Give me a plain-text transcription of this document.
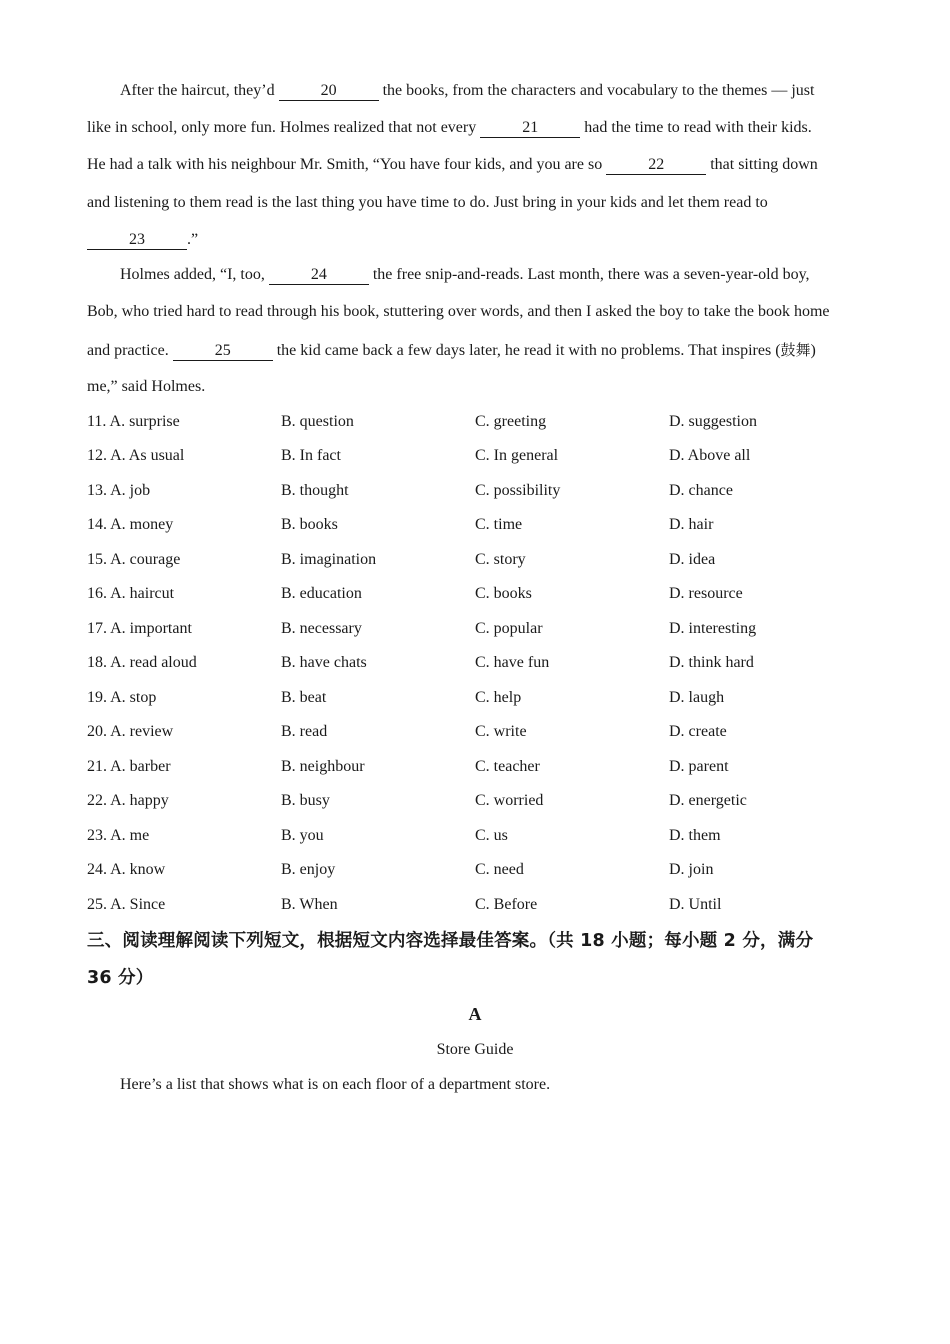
After the haircut, they’d	20	the books, from the characters and vocabulary to the themes — just
like in school, only more fun. Holmes realized that not every	21	had the time to read with their kids.
He had a talk with his neighbour Mr. Smith, “You have four kids, and you are so	22	that sitting down
and listening to them read is the last thing you have time to do. Just bring in your kids and let them read to
23	.”
Holmes added, “I, too,	24	the free snip-and-reads. Last month, there was a seven-year-old boy,
Bob, who tried hard to read through his book, stuttering over words, and then I asked the boy to take the book home
and practice.	25	the kid came back a few days later, he read it with no problems. That inspires (鼓舞)
me,” said Holmes.
11. A. surprise	B. question	C. greeting	D. suggestion
12. A. As usual	B. In fact	C. In general	D. Above all
13. A. job	B. thought	C. possibility	D. chance
14. A. money	B. books	C. time	D. hair
15. A. courage	B. imagination	C. story	D. idea
16. A. haircut	B. education	C. books	D. resource
17. A. important	B. necessary	C. popular	D. interesting
18. A. read aloud	B. have chats	C. have fun	D. think hard
19. A. stop	B. beat	C. help	D. laugh
20. A. review	B. read	C. write	D. create
21. A. barber	B. neighbour	C. teacher	D. parent
22. A. happy	B. busy	C. worried	D. energetic
23. A. me	B. you	C. us	D. them
24. A. know	B. enjoy	C. need	D. join
25. A. Since	B. When	C. Before	D. Until
三、阅读理解阅读下列短文，根据短文内容选择最佳答案。（共 18 小题；每小题 2 分，满分
36 分）
A
Store Guide
Here’s a list that shows what is on each floor of a department store.
